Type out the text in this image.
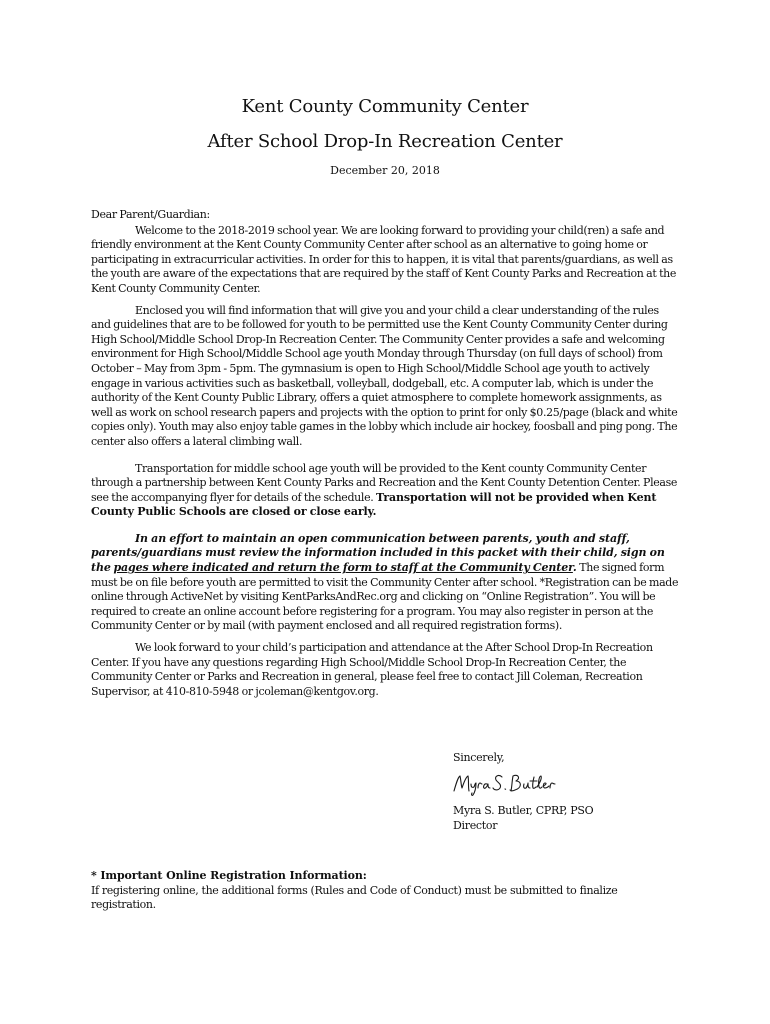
Kent County Community Center
After School Drop-In Recreation Center
December 20, 2018

Dear Parent/Guardian:

Welcome to the 2018-2019 school year. We are looking forward to providing your child(ren) a safe and friendly environment at the Kent County Community Center after school as an alternative to going home or participating in extracurricular activities. In order for this to happen, it is vital that parents/guardians, as well as the youth are aware of the expectations that are required by the staff of Kent County Parks and Recreation at the Kent County Community Center.

Enclosed you will find information that will give you and your child a clear understanding of the rules and guidelines that are to be followed for youth to be permitted use the Kent County Community Center during High School/Middle School Drop-In Recreation Center. The Community Center provides a safe and welcoming environment for High School/Middle School age youth Monday through Thursday (on full days of school) from October – May from 3pm - 5pm. The gymnasium is open to High School/Middle School age youth to actively engage in various activities such as basketball, volleyball, dodgeball, etc. A computer lab, which is under the authority of the Kent County Public Library, offers a quiet atmosphere to complete homework assignments, as well as work on school research papers and projects with the option to print for only $0.25/page (black and white copies only). Youth may also enjoy table games in the lobby which include air hockey, foosball and ping pong. The center also offers a lateral climbing wall.

Transportation for middle school age youth will be provided to the Kent county Community Center through a partnership between Kent County Parks and Recreation and the Kent County Detention Center. Please see the accompanying flyer for details of the schedule. Transportation will not be provided when Kent County Public Schools are closed or close early.

In an effort to maintain an open communication between parents, youth and staff, parents/guardians must review the information included in this packet with their child, sign on the pages where indicated and return the form to staff at the Community Center. The signed form must be on file before youth are permitted to visit the Community Center after school. *Registration can be made online through ActiveNet by visiting KentParksAndRec.org and clicking on “Online Registration”. You will be required to create an online account before registering for a program. You may also register in person at the Community Center or by mail (with payment enclosed and all required registration forms).

We look forward to your child’s participation and attendance at the After School Drop-In Recreation Center. If you have any questions regarding High School/Middle School Drop-In Recreation Center, the Community Center or Parks and Recreation in general, please feel free to contact Jill Coleman, Recreation Supervisor, at 410-810-5948 or jcoleman@kentgov.org.

Sincerely,
Myra S. Butler, CPRP, PSO
Director
* Important Online Registration Information:
If registering online, the additional forms (Rules and Code of Conduct) must be submitted to finalize registration.
